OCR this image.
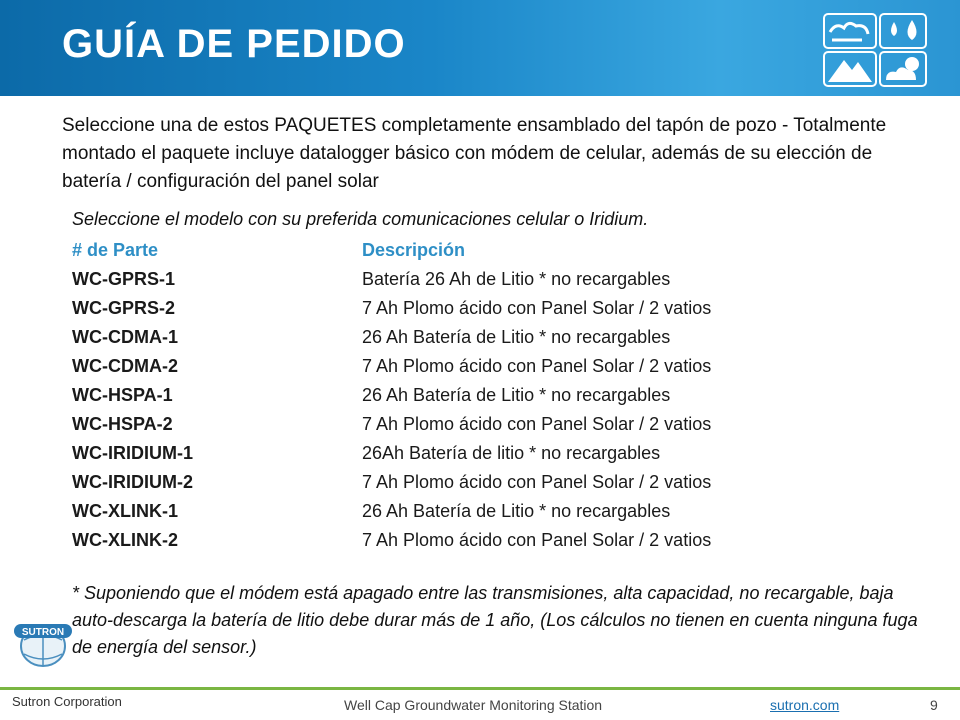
GUÍA DE PEDIDO
Seleccione una de estos PAQUETES completamente ensamblado del tapón de pozo - Totalmente montado el paquete incluye datalogger básico con módem de celular, además de su elección de batería / configuración del panel solar
Seleccione el modelo con su preferida comunicaciones celular o Iridium.
# de Parte	Descripción
WC-GPRS-1	Batería 26 Ah de Litio * no recargables
WC-GPRS-2	7 Ah Plomo ácido con Panel Solar / 2 vatios
WC-CDMA-1	26 Ah Batería de Litio * no recargables
WC-CDMA-2	7 Ah Plomo ácido con Panel Solar / 2 vatios
WC-HSPA-1	26 Ah Batería de Litio * no recargables
WC-HSPA-2	7 Ah Plomo ácido con Panel Solar / 2 vatios
WC-IRIDIUM-1	26Ah Batería de litio * no recargables
WC-IRIDIUM-2	7 Ah Plomo ácido con Panel Solar / 2 vatios
WC-XLINK-1	26 Ah Batería de Litio * no recargables
WC-XLINK-2	7 Ah Plomo ácido con Panel Solar / 2 vatios
* Suponiendo que el módem está apagado entre las transmisiones, alta capacidad, no recargable, baja auto-descarga la batería de litio debe durar más de 1 año, (Los cálculos no tienen en cuenta ninguna fuga de energía del sensor.)
SUTRON
Sutron Corporation	Well Cap Groundwater Monitoring Station	sutron.com	9
